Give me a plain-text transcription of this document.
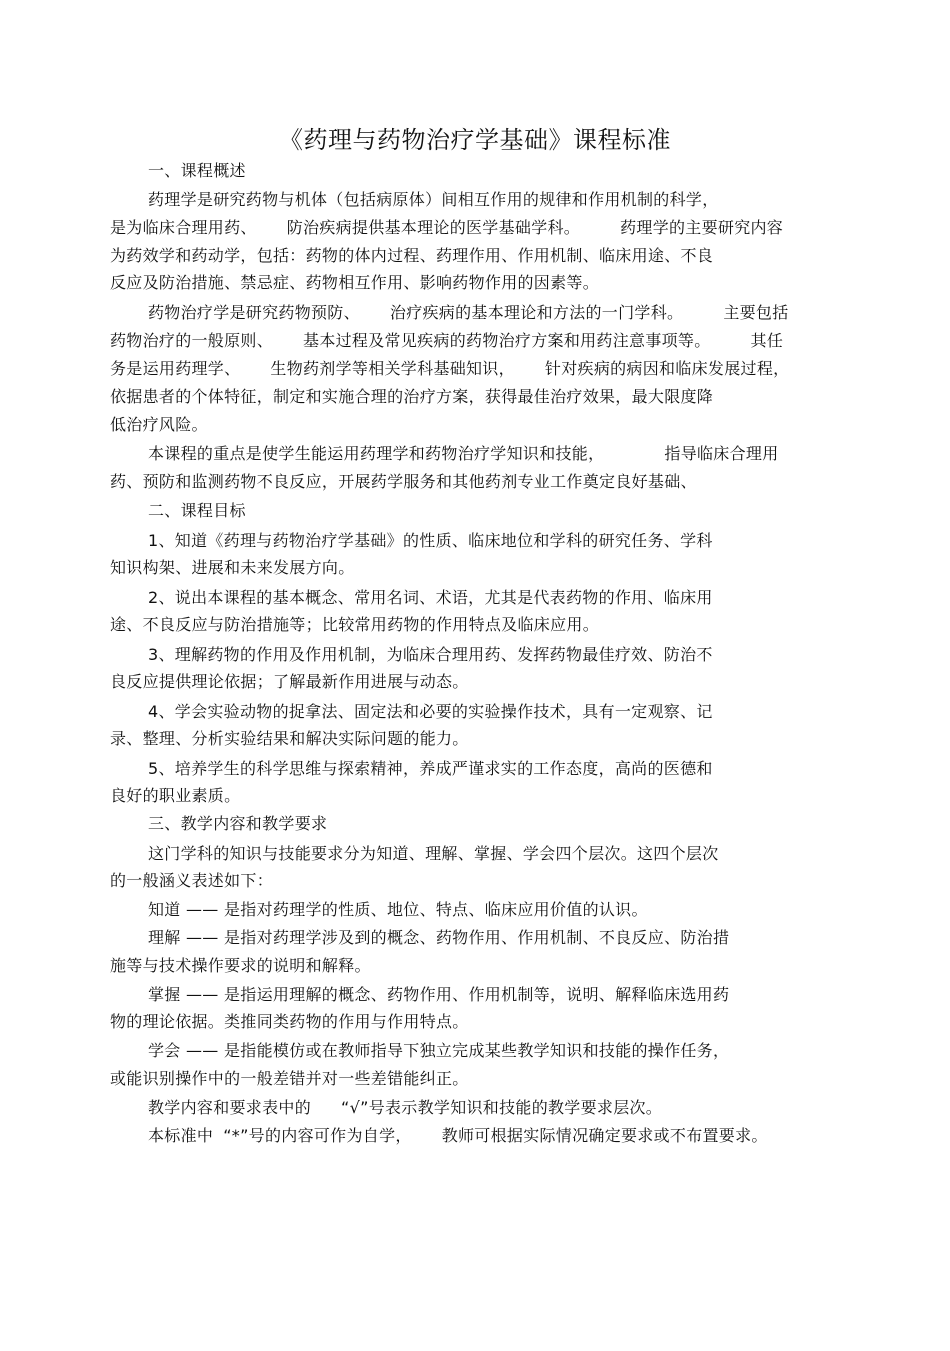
《药理与药物治疗学基础》课程标准
一、课程概述
药理学是研究药物与机体（包括病原体）间相互作用的规律和作用机制的科学，
是为临床合理用药、 防治疾病提供基本理论的医学基础学科。	药理学的主要研究内容
为药效学和药动学，包括：药物的体内过程、药理作用、作用机制、临床用途、不良
反应及防治措施、禁忌症、药物相互作用、影响药物作用的因素等。
药物治疗学是研究药物预防、 治疗疾病的基本理论和方法的一门学科。	主要包括
药物治疗的一般原则、 基本过程及常见疾病的药物治疗方案和用药注意事项等。	其任
务是运用药理学、 生物药剂学等相关学科基础知识， 针对疾病的病因和临床发展过程，
依据患者的个体特征，制定和实施合理的治疗方案，获得最佳治疗效果，最大限度降
低治疗风险。
本课程的重点是使学生能运用药理学和药物治疗学知识和技能，	指导临床合理用
药、预防和监测药物不良反应，开展药学服务和其他药剂专业工作奠定良好基础、
二、课程目标
1、知道《药理与药物治疗学基础》的性质、临床地位和学科的研究任务、学科
知识构架、进展和未来发展方向。
2、说出本课程的基本概念、常用名词、术语，尤其是代表药物的作用、临床用
途、不良反应与防治措施等；比较常用药物的作用特点及临床应用。
3、理解药物的作用及作用机制，为临床合理用药、发挥药物最佳疗效、防治不
良反应提供理论依据；了解最新作用进展与动态。
4、学会实验动物的捉拿法、固定法和必要的实验操作技术，具有一定观察、记
录、整理、分析实验结果和解决实际问题的能力。
5、培养学生的科学思维与探索精神，养成严谨求实的工作态度，高尚的医德和
良好的职业素质。
三、教学内容和教学要求
这门学科的知识与技能要求分为知道、理解、掌握、学会四个层次。这四个层次
的一般涵义表述如下：
知道 —— 是指对药理学的性质、地位、特点、临床应用价值的认识。
理解 —— 是指对药理学涉及到的概念、药物作用、作用机制、不良反应、防治措
施等与技术操作要求的说明和解释。
掌握 —— 是指运用理解的概念、药物作用、作用机制等，说明、解释临床选用药
物的理论依据。类推同类药物的作用与作用特点。
学会 —— 是指能模仿或在教师指导下独立完成某些教学知识和技能的操作任务，
或能识别操作中的一般差错并对一些差错能纠正。
教学内容和要求表中的 “√”号表示教学知识和技能的教学要求层次。
本标准中 “*”号的内容可作为自学， 教师可根据实际情况确定要求或不布置要求。
